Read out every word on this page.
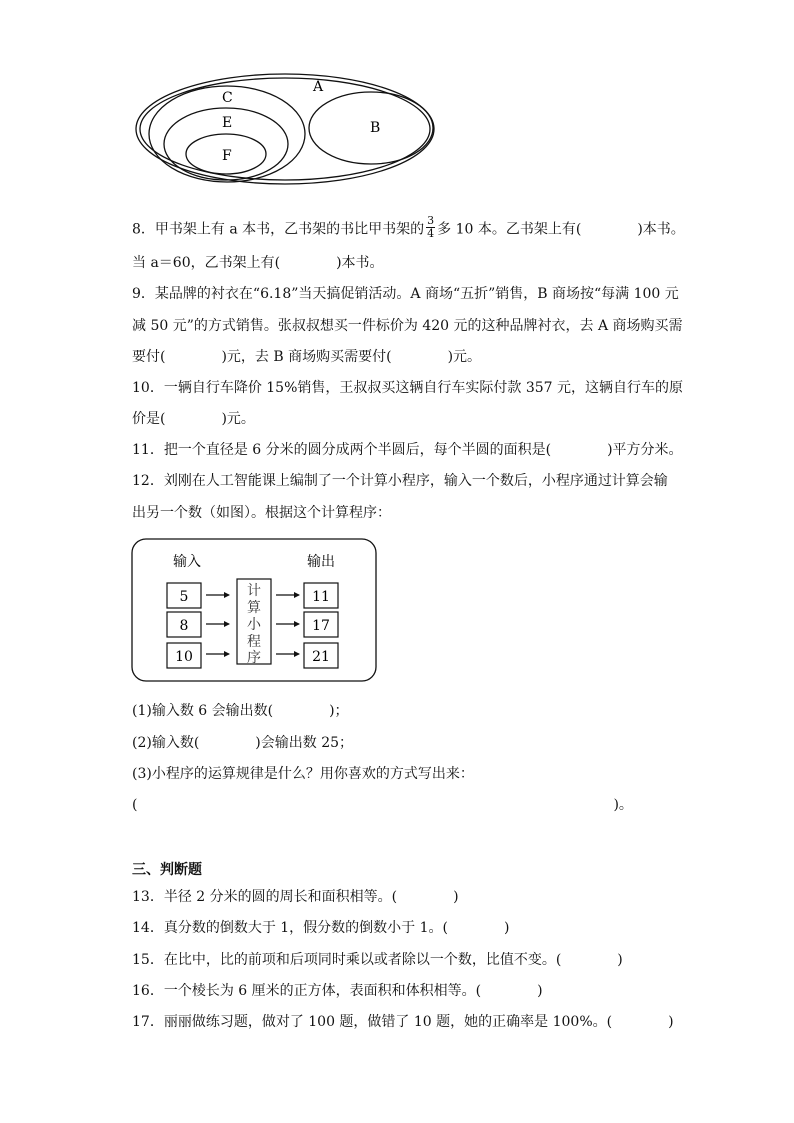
A
B
C
E
F
8．甲书架上有 a 本书，乙书架的书比甲书架的 $\frac{3}{4}$ 多 10 本。乙书架上有(　　　　)本书。
当 a＝60，乙书架上有(　　　　)本书。
9．某品牌的衬衣在“6.18”当天搞促销活动。A 商场“五折”销售，B 商场按“每满 100 元
减 50 元”的方式销售。张叔叔想买一件标价为 420 元的这种品牌衬衣，去 A 商场购买需
要付(　　　　)元，去 B 商场购买需要付(　　　　)元。
10．一辆自行车降价 15%销售，王叔叔买这辆自行车实际付款 357 元，这辆自行车的原
价是(　　　　)元。
11．把一个直径是 6 分米的圆分成两个半圆后，每个半圆的面积是(　　　　)平方分米。
12．刘刚在人工智能课上编制了一个计算小程序，输入一个数后，小程序通过计算会输
出另一个数（如图）。根据这个计算程序：
输入	输出
5
8
10
计
算
小
程
序
11
17
21
(1)输入数 6 会输出数(　　　　)；
(2)输入数(　　　　)会输出数 25；
(3)小程序的运算规律是什么？用你喜欢的方式写出来：
(　　　　　　　　　　　　　　　　　　　　　　　　　　　　　　　　　　)。
三、判断题
13．半径 2 分米的圆的周长和面积相等。(　　　　)
14．真分数的倒数大于 1，假分数的倒数小于 1。(　　　　)
15．在比中，比的前项和后项同时乘以或者除以一个数，比值不变。(　　　　)
16．一个棱长为 6 厘米的正方体，表面积和体积相等。(　　　　)
17．丽丽做练习题，做对了 100 题，做错了 10 题，她的正确率是 100%。(　　　　)
